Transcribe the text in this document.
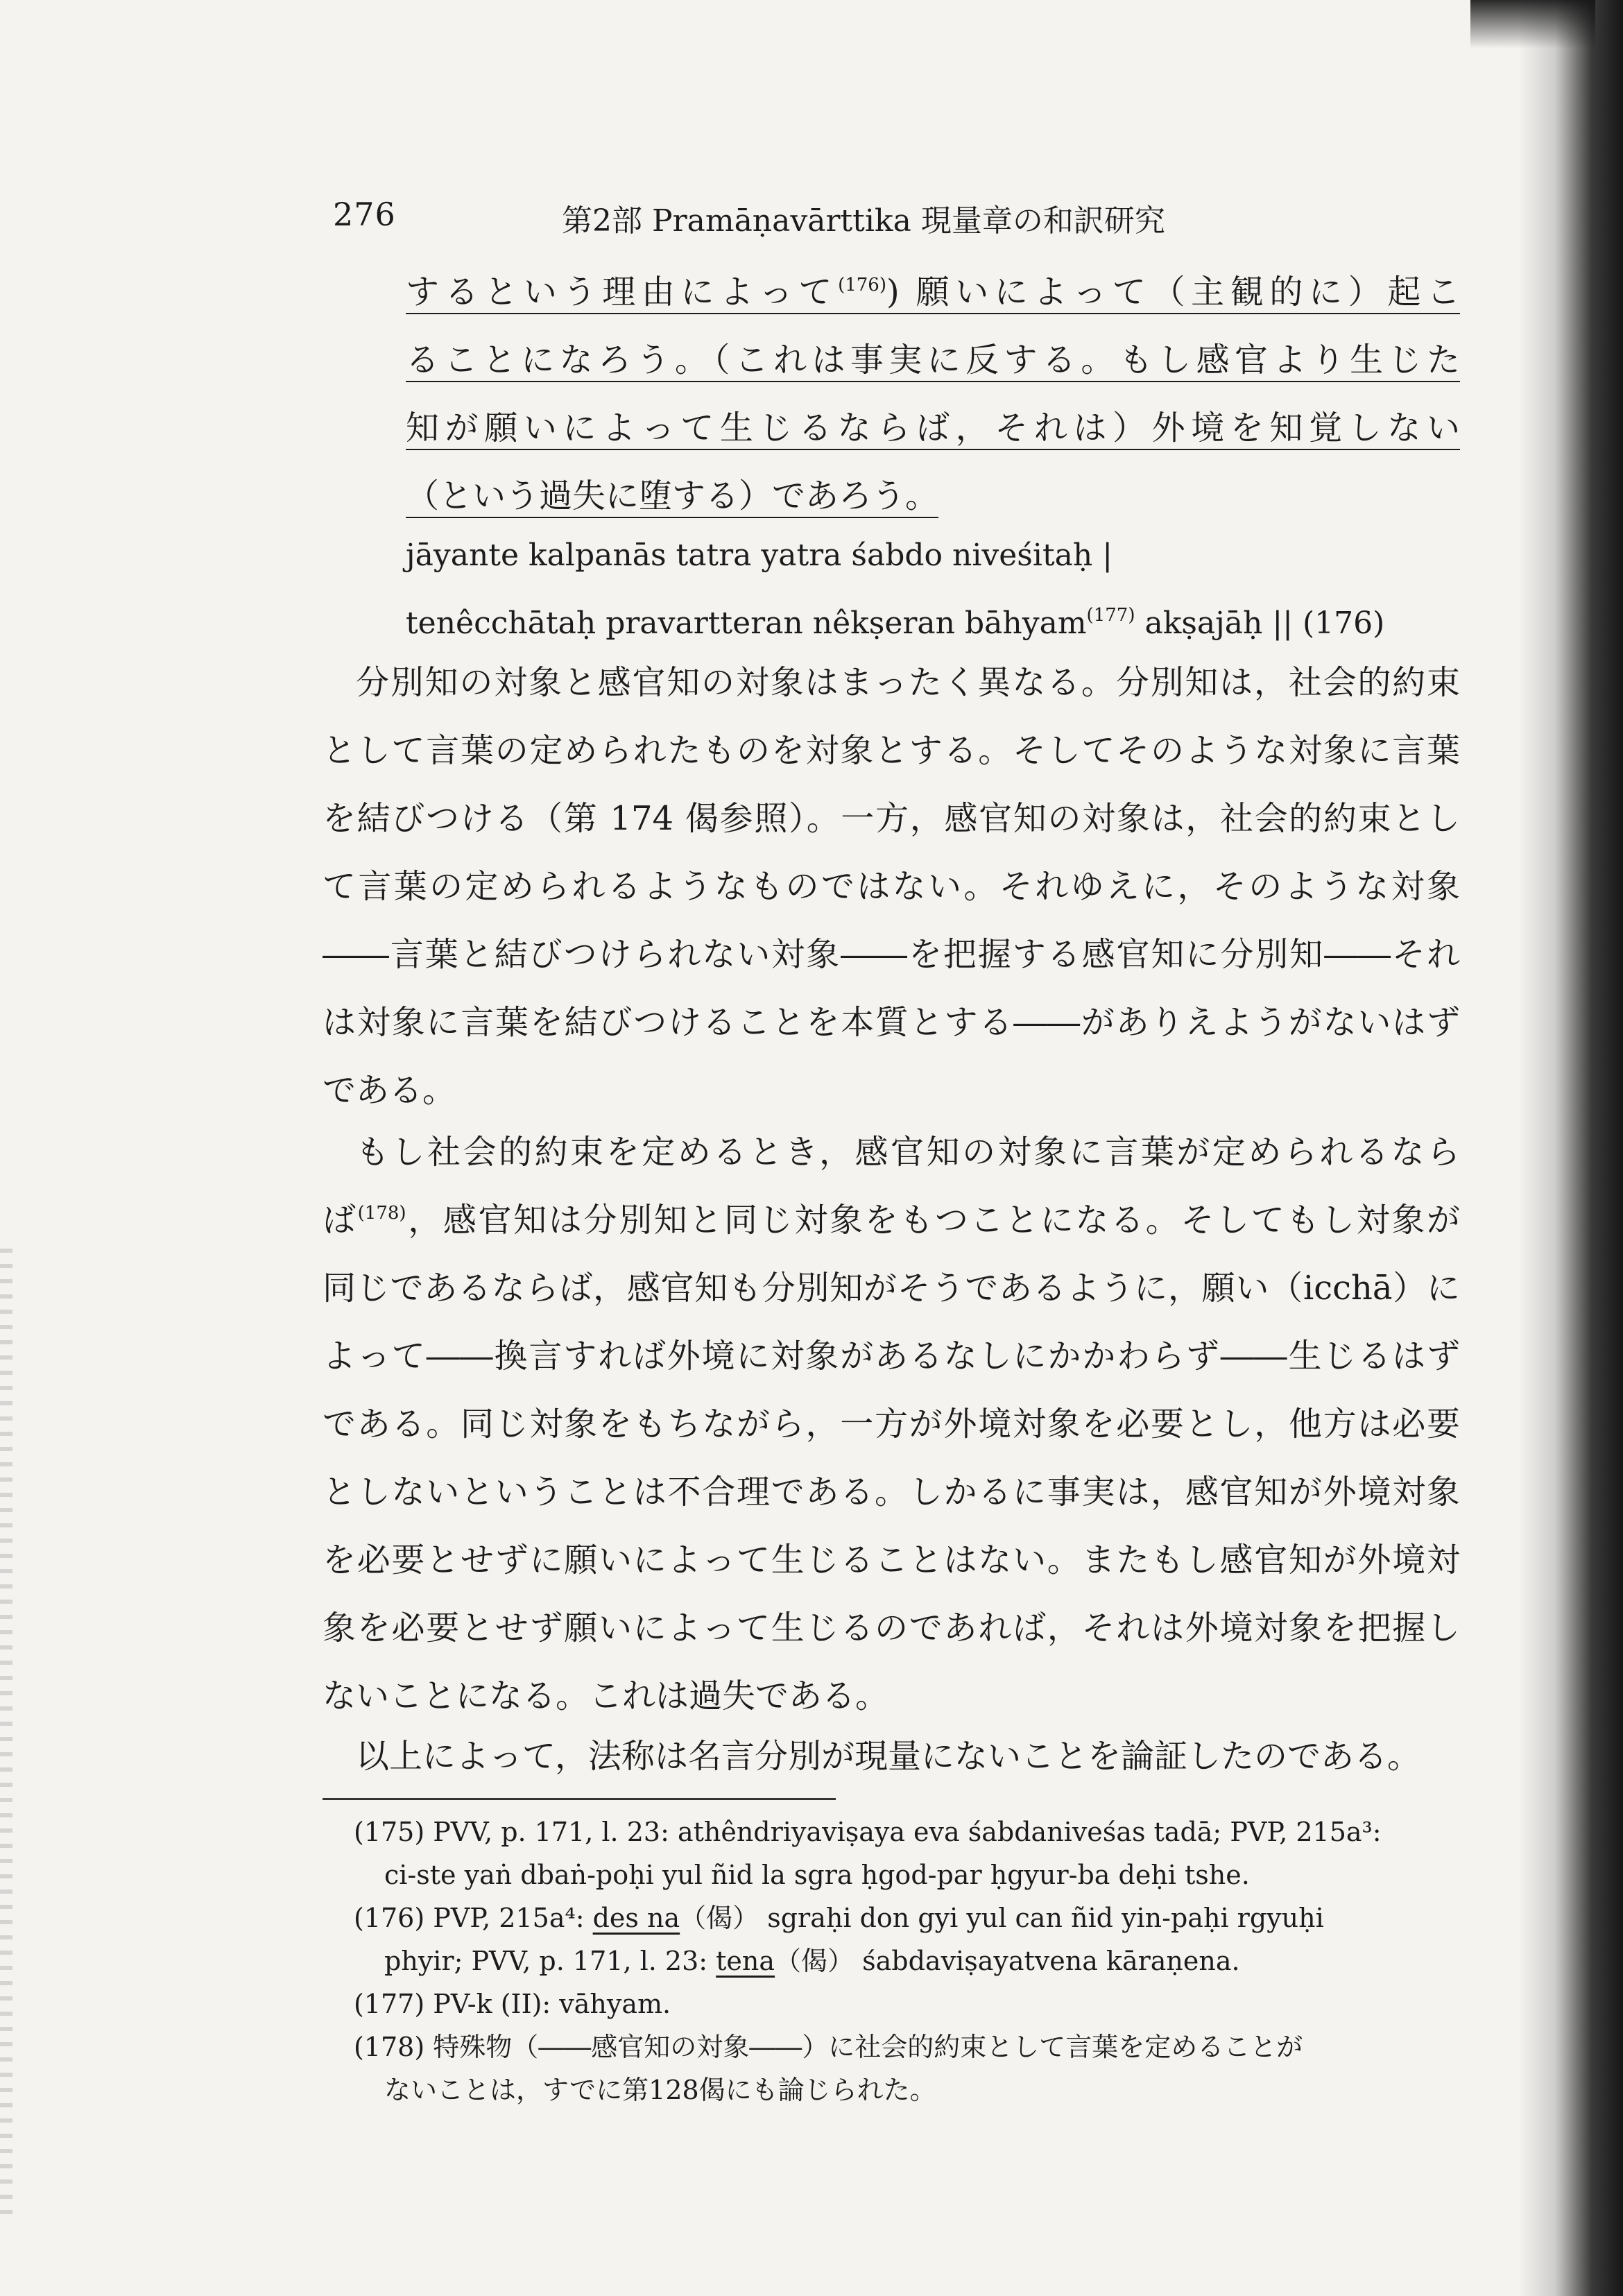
276	第2部 Pramāṇavārttika 現量章の和訳研究
するという理由によって$^{(176)}$) 願いによって（主観的に）起こ
ることになろう。（これは事実に反する。もし感官より生じた
知が願いによって生じるならば，それは）外境を知覚しない
（という過失に堕する）であろう。
jāyante kalpanās tatra yatra śabdo niveśitaḥ |
tenêcchātaḥ pravartteran nêkṣeran bāhyam$^{(177)}$ akṣajāḥ || (176)
分別知の対象と感官知の対象はまったく異なる。分別知は，社会的約束
として言葉の定められたものを対象とする。そしてそのような対象に言葉
を結びつける（第 174 偈参照）。一方，感官知の対象は，社会的約束とし
て言葉の定められるようなものではない。それゆえに，そのような対象
――言葉と結びつけられない対象――を把握する感官知に分別知――それ
は対象に言葉を結びつけることを本質とする――がありえようがないはず
である。
もし社会的約束を定めるとき，感官知の対象に言葉が定められるなら
ば$^{(178)}$，感官知は分別知と同じ対象をもつことになる。そしてもし対象が
同じであるならば，感官知も分別知がそうであるように，願い（icchā）に
よって――換言すれば外境に対象があるなしにかかわらず――生じるはず
である。同じ対象をもちながら，一方が外境対象を必要とし，他方は必要
としないということは不合理である。しかるに事実は，感官知が外境対象
を必要とせずに願いによって生じることはない。またもし感官知が外境対
象を必要とせず願いによって生じるのであれば，それは外境対象を把握し
ないことになる。これは過失である。
以上によって，法称は名言分別が現量にないことを論証したのである。
(175) PVV, p. 171, l. 23: athêndriyaviṣaya eva śabdaniveśas tadā; PVP, 215a³:
ci-ste yaṅ dbaṅ-poḥi yul ñid la sgra ḥgod-par ḥgyur-ba deḥi tshe.
(176) PVP, 215a⁴: des na（偈） sgraḥi don gyi yul can ñid yin-paḥi rgyuḥi
phyir; PVV, p. 171, l. 23: tena（偈） śabdaviṣayatvena kāraṇena.
(177) PV-k (II): vāhyam.
(178) 特殊物（――感官知の対象――）に社会的約束として言葉を定めることが
ないことは，すでに第128偈にも論じられた。
